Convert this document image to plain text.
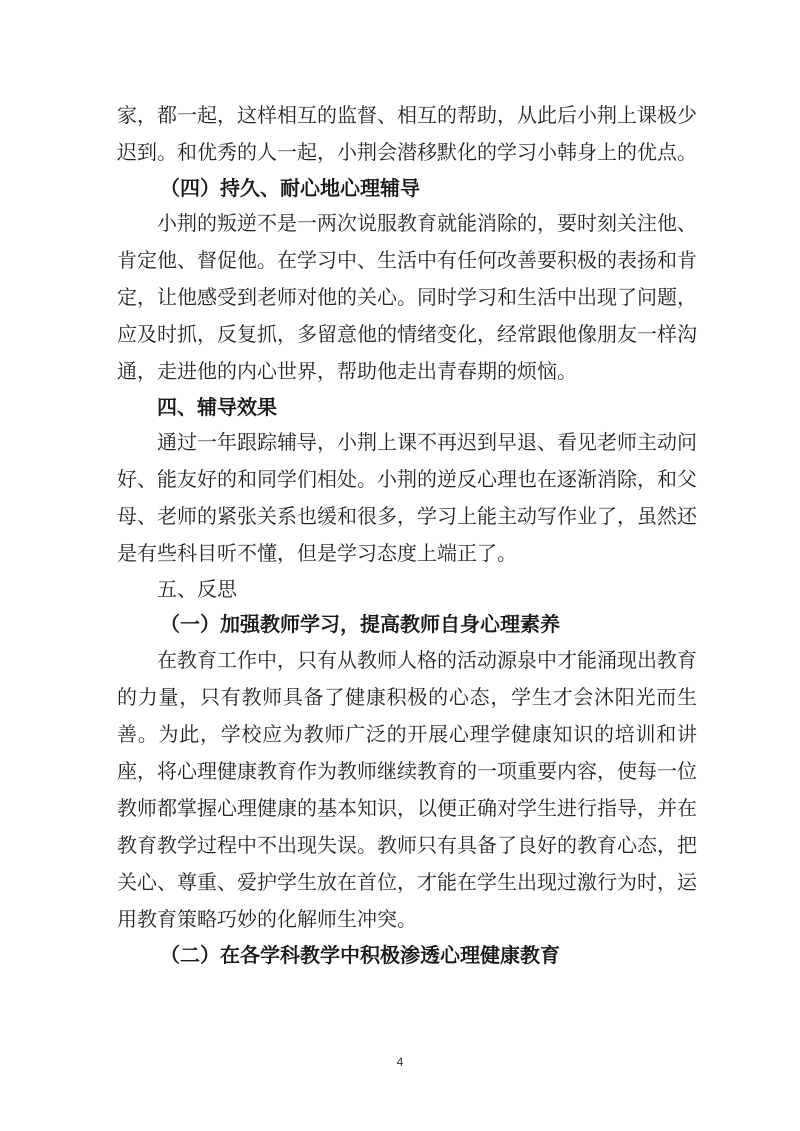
家，都一起，这样相互的监督、相互的帮助，从此后小荆上课极少
迟到。和优秀的人一起，小荆会潜移默化的学习小韩身上的优点。
（四）持久、耐心地心理辅导
小荆的叛逆不是一两次说服教育就能消除的，要时刻关注他、
肯定他、督促他。在学习中、生活中有任何改善要积极的表扬和肯
定，让他感受到老师对他的关心。同时学习和生活中出现了问题，
应及时抓，反复抓，多留意他的情绪变化，经常跟他像朋友一样沟
通，走进他的内心世界，帮助他走出青春期的烦恼。
四、辅导效果
通过一年跟踪辅导，小荆上课不再迟到早退、看见老师主动问
好、能友好的和同学们相处。小荆的逆反心理也在逐渐消除，和父
母、老师的紧张关系也缓和很多，学习上能主动写作业了，虽然还
是有些科目听不懂，但是学习态度上端正了。
五、反思
（一）加强教师学习，提高教师自身心理素养
在教育工作中，只有从教师人格的活动源泉中才能涌现出教育
的力量，只有教师具备了健康积极的心态，学生才会沐阳光而生
善。为此，学校应为教师广泛的开展心理学健康知识的培训和讲
座，将心理健康教育作为教师继续教育的一项重要内容，使每一位
教师都掌握心理健康的基本知识，以便正确对学生进行指导，并在
教育教学过程中不出现失误。教师只有具备了良好的教育心态，把
关心、尊重、爱护学生放在首位，才能在学生出现过激行为时，运
用教育策略巧妙的化解师生冲突。
（二）在各学科教学中积极渗透心理健康教育
4
